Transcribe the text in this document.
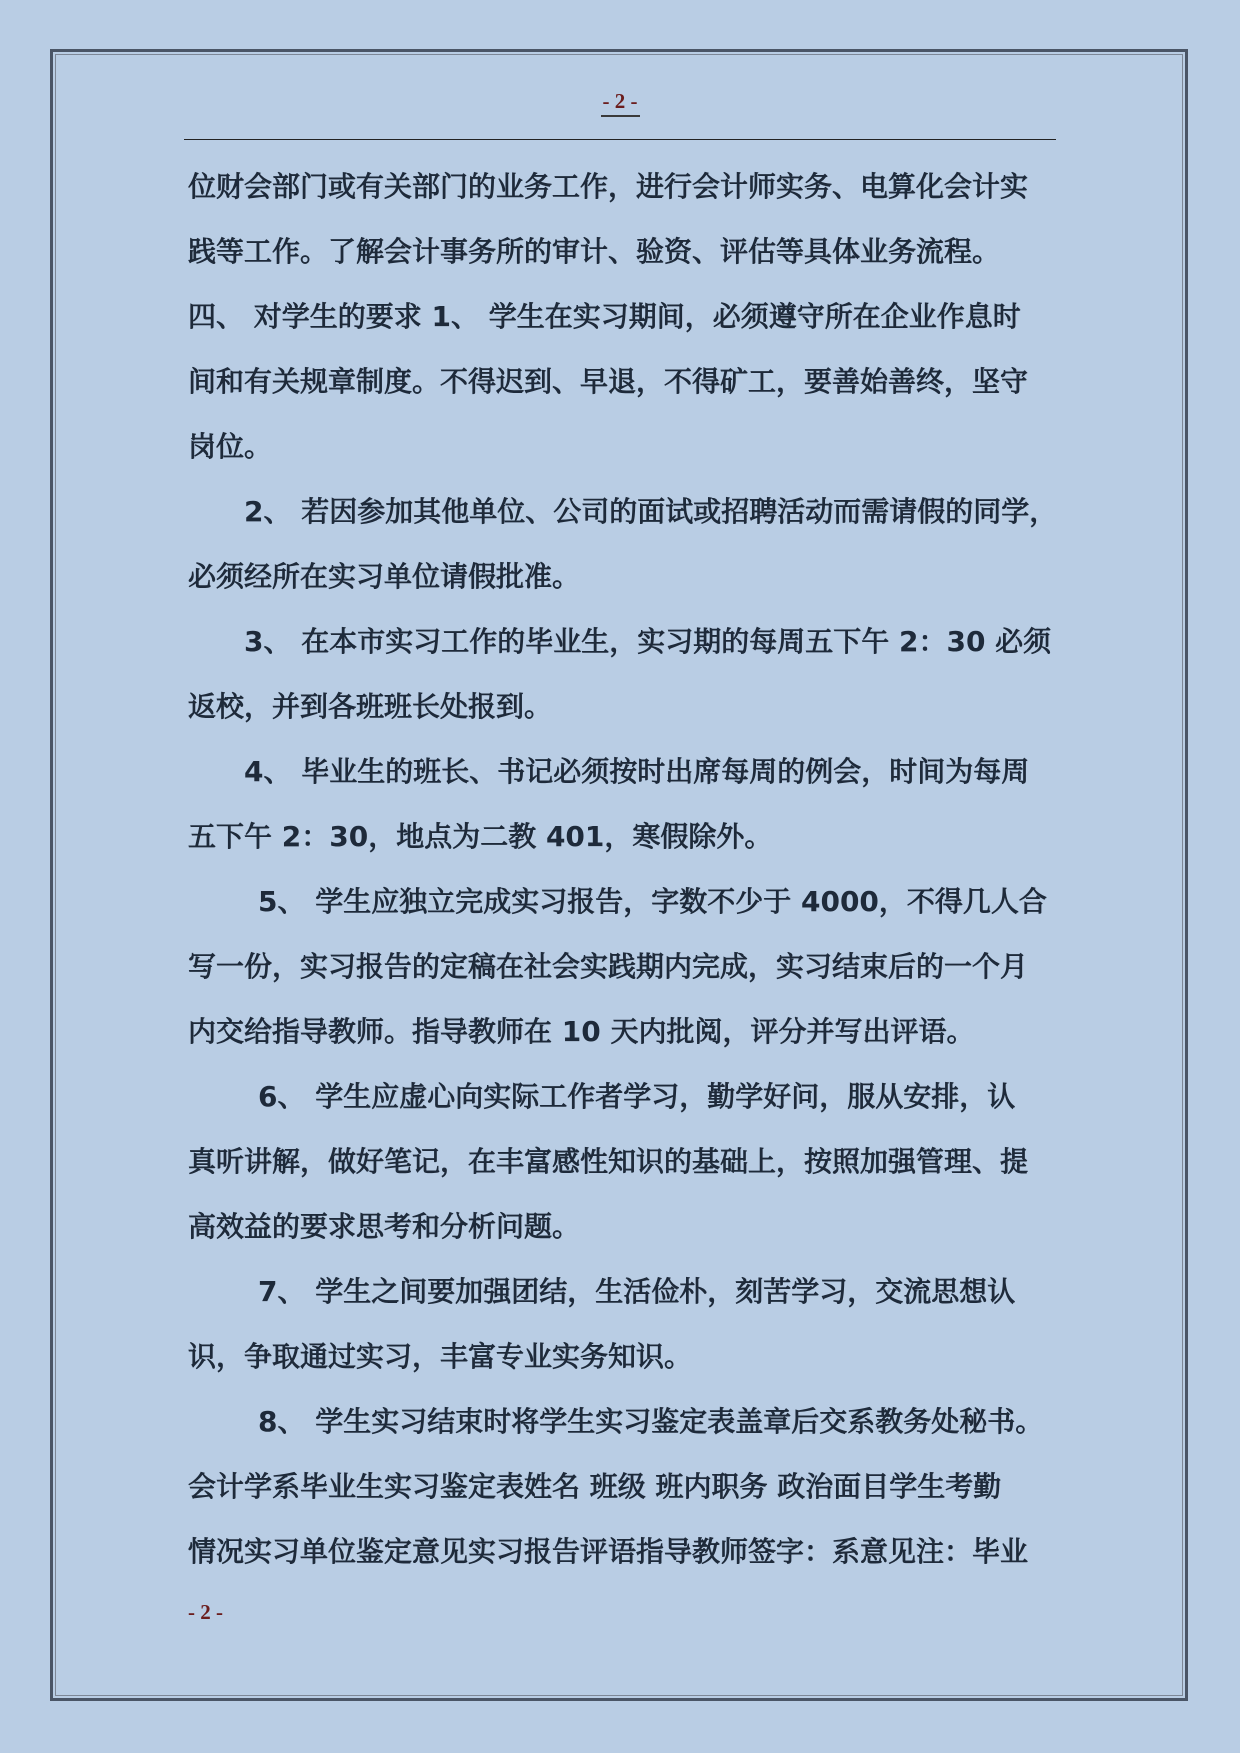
- 2 -

位财会部门或有关部门的业务工作，进行会计师实务、电算化会计实

践等工作。了解会计事务所的审计、验资、评估等具体业务流程。

四、 对学生的要求 1、 学生在实习期间，必须遵守所在企业作息时

间和有关规章制度。不得迟到、早退，不得矿工，要善始善终，坚守

岗位。

2、 若因参加其他单位、公司的面试或招聘活动而需请假的同学，

必须经所在实习单位请假批准。

3、 在本市实习工作的毕业生，实习期的每周五下午 2：30 必须

返校，并到各班班长处报到。

4、 毕业生的班长、书记必须按时出席每周的例会，时间为每周

五下午 2：30，地点为二教 401，寒假除外。

5、 学生应独立完成实习报告，字数不少于 4000，不得几人合

写一份，实习报告的定稿在社会实践期内完成，实习结束后的一个月

内交给指导教师。指导教师在 10 天内批阅，评分并写出评语。

6、 学生应虚心向实际工作者学习，勤学好问，服从安排，认

真听讲解，做好笔记，在丰富感性知识的基础上，按照加强管理、提

高效益的要求思考和分析问题。

7、 学生之间要加强团结，生活俭朴，刻苦学习，交流思想认

识，争取通过实习，丰富专业实务知识。

8、 学生实习结束时将学生实习鉴定表盖章后交系教务处秘书。

会计学系毕业生实习鉴定表姓名 班级 班内职务 政治面目学生考勤

情况实习单位鉴定意见实习报告评语指导教师签字：系意见注：毕业

- 2 -
